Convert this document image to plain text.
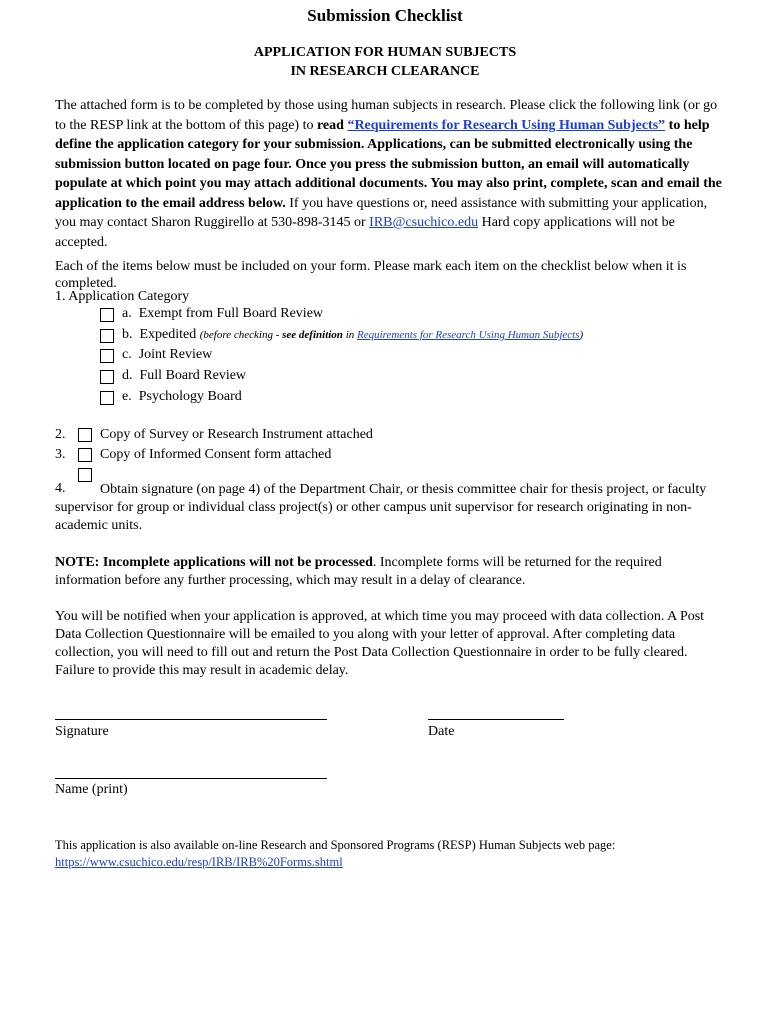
Submission Checklist
APPLICATION FOR HUMAN SUBJECTS
IN RESEARCH CLEARANCE

The attached form is to be completed by those using human subjects in research. Please click the following link (or go to the RESP link at the bottom of this page) to read “Requirements for Research Using Human Subjects” to help define the application category for your submission. Applications, can be submitted electronically using the submission button located on page four. Once you press the submission button, an email will automatically populate at which point you may attach additional documents. You may also print, complete, scan and email the application to the email address below. If you have questions or, need assistance with submitting your application, you may contact Sharon Ruggirello at 530-898-3145 or IRB@csuchico.edu Hard copy applications will not be accepted.

Each of the items below must be included on your form. Please mark each item on the checklist below when it is completed.
1. Application Category
a. Exempt from Full Board Review
b. Expedited (before checking - see definition in Requirements for Research Using Human Subjects)
c. Joint Review
d. Full Board Review
e. Psychology Board
2. Copy of Survey or Research Instrument attached
3. Copy of Informed Consent form attached
4.	Obtain signature (on page 4) of the Department Chair, or thesis committee chair for thesis project, or faculty supervisor for group or individual class project(s) or other campus unit supervisor for research originating in non-academic units.
NOTE: Incomplete applications will not be processed. Incomplete forms will be returned for the required information before any further processing, which may result in a delay of clearance.
You will be notified when your application is approved, at which time you may proceed with data collection. A Post Data Collection Questionnaire will be emailed to you along with your letter of approval. After completing data collection, you will need to fill out and return the Post Data Collection Questionnaire in order to be fully cleared. Failure to provide this may result in academic delay.
Signature	Date
Name (print)
This application is also available on-line Research and Sponsored Programs (RESP) Human Subjects web page:
https://www.csuchico.edu/resp/IRB/IRB%20Forms.shtml
